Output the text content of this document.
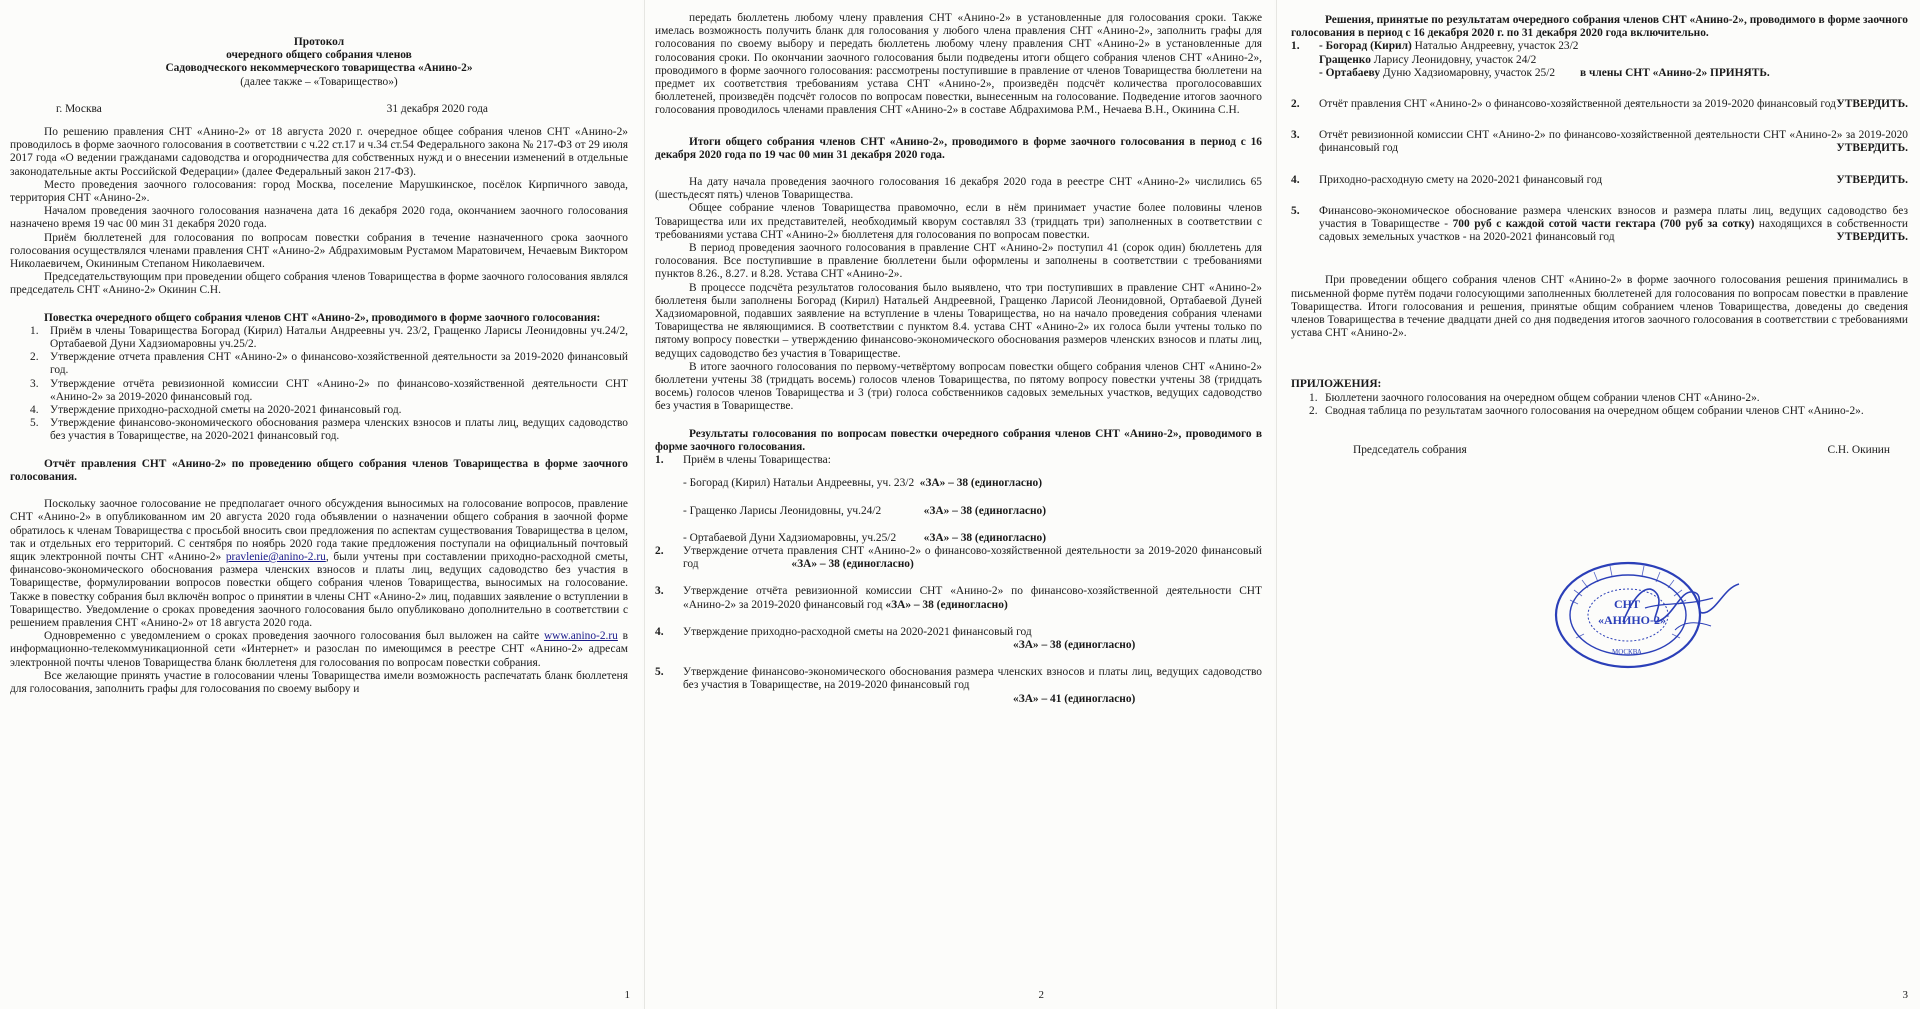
Протокол

очередного общего собрания членов

Садоводческого некоммерческого товарищества «Анино-2»

(далее также – «Товарищество»)

г. Москва	31 декабря 2020 года

По решению правления СНТ «Анино-2» от 18 августа 2020 г. очередное общее собрания членов СНТ «Анино-2» проводилось в форме заочного голосования в соответствии с ч.22 ст.17 и ч.34 ст.54 Федерального закона № 217-ФЗ от 29 июля 2017 года «О ведении гражданами садоводства и огородничества для собственных нужд и о внесении изменений в отдельные законодательные акты Российской Федерации» (далее Федеральный закон 217-ФЗ).

Место проведения заочного голосования: город Москва, поселение Марушкинское, посёлок Кирпичного завода, территория СНТ «Анино-2».

Началом проведения заочного голосования назначена дата 16 декабря 2020 года, окончанием заочного голосования назначено время 19 час 00 мин 31 декабря 2020 года.

Приём бюллетеней для голосования по вопросам повестки собрания в течение назначенного срока заочного голосования осуществлялся членами правления СНТ «Анино-2» Абдрахимовым Рустамом Маратовичем, Нечаевым Виктором Николаевичем, Окининым Степаном Николаевичем.

Председательствующим при проведении общего собрания членов Товарищества в форме заочного голосования являлся председатель СНТ «Анино-2» Окинин С.Н.

Повестка очередного общего собрания членов СНТ «Анино-2», проводимого в форме заочного голосования:

1.	Приём в члены Товарищества Богорад (Кирил) Натальи Андреевны уч. 23/2, Гращенко Ларисы Леонидовны уч.24/2, Ортабаевой Дуни Хадзиомаровны уч.25/2.
2.	Утверждение отчета правления СНТ «Анино-2» о финансово-хозяйственной деятельности за 2019-2020 финансовый год.
3.	Утверждение отчёта ревизионной комиссии СНТ «Анино-2» по финансово-хозяйственной деятельности СНТ «Анино-2» за 2019-2020 финансовый год.
4.	Утверждение приходно-расходной сметы на 2020-2021 финансовый год.
5.	Утверждение финансово-экономического обоснования размера членских взносов и платы лиц, ведущих садоводство без участия в Товариществе, на 2020-2021 финансовый год.

Отчёт правления СНТ «Анино-2» по проведению общего собрания членов Товарищества в форме заочного голосования.

Поскольку заочное голосование не предполагает очного обсуждения выносимых на голосование вопросов, правление СНТ «Анино-2» в опубликованном им 20 августа 2020 года объявлении о назначении общего собрания в заочной форме обратилось к членам Товарищества с просьбой вносить свои предложения по аспектам существования Товарищества в целом, так и отдельных его территорий. С сентября по ноябрь 2020 года такие предложения поступали на официальный почтовый ящик электронной почты СНТ «Анино-2» pravlenie@anino-2.ru, были учтены при составлении приходно-расходной сметы, финансово-экономического обоснования размера членских взносов и платы лиц, ведущих садоводство без участия в Товариществе, формулировании вопросов повестки общего собрания членов Товарищества, выносимых на голосование. Также в повестку собрания был включён вопрос о принятии в члены СНТ «Анино-2» лиц, подавших заявление о вступлении в Товарищество. Уведомление о сроках проведения заочного голосования было опубликовано дополнительно в соответствии с решением правления СНТ «Анино-2» от 18 августа 2020 года.

Одновременно с уведомлением о сроках проведения заочного голосования был выложен на сайте www.anino-2.ru в информационно-телекоммуникационной сети «Интернет» и разослан по имеющимся в реестре СНТ «Анино-2» адресам электронной почты членов Товарищества бланк бюллетеня для голосования по вопросам повестки собрания.

Все желающие принять участие в голосовании члены Товарищества имели возможность распечатать бланк бюллетеня для голосования, заполнить графы для голосования по своему выбору и

1

передать бюллетень любому члену правления СНТ «Анино-2» в установленные для голосования сроки. Также имелась возможность получить бланк для голосования у любого члена правления СНТ «Анино-2», заполнить графы для голосования по своему выбору и передать бюллетень любому члену правления СНТ «Анино-2» в установленные для голосования сроки. По окончании заочного голосования были подведены итоги общего собрания членов СНТ «Анино-2», проводимого в форме заочного голосования: рассмотрены поступившие в правление от членов Товарищества бюллетени на предмет их соответствия требованиям устава СНТ «Анино-2», произведён подсчёт количества проголосовавших бюллетеней, произведён подсчёт голосов по вопросам повестки, вынесенным на голосование. Подведение итогов заочного голосования проводилось членами правления СНТ «Анино-2» в составе Абдрахимова Р.М., Нечаева В.Н., Окинина С.Н.

Итоги общего собрания членов СНТ «Анино-2», проводимого в форме заочного голосования в период с 16 декабря 2020 года по 19 час 00 мин 31 декабря 2020 года.

На дату начала проведения заочного голосования 16 декабря 2020 года в реестре СНТ «Анино-2» числились 65 (шестьдесят пять) членов Товарищества.

Общее собрание членов Товарищества правомочно, если в нём принимает участие более половины членов Товарищества или их представителей, необходимый кворум составлял 33 (тридцать три) заполненных в соответствии с требованиями устава СНТ «Анино-2» бюллетеня для голосования по вопросам повестки.

В период проведения заочного голосования в правление СНТ «Анино-2» поступил 41 (сорок один) бюллетень для голосования. Все поступившие в правление бюллетени были оформлены и заполнены в соответствии с требованиями пунктов 8.26., 8.27. и 8.28. Устава СНТ «Анино-2».

В процессе подсчёта результатов голосования было выявлено, что три поступивших в правление СНТ «Анино-2» бюллетеня были заполнены Богорад (Кирил) Натальей Андреевной, Гращенко Ларисой Леонидовной, Ортабаевой Дуней Хадзиомаровной, подавших заявление на вступление в члены Товарищества, но на начало проведения собрания членами Товарищества не являющимися. В соответствии с пунктом 8.4. устава СНТ «Анино-2» их голоса были учтены только по пятому вопросу повестки – утверждению финансово-экономического обоснования размеров членских взносов и платы лиц, ведущих садоводство без участия в Товариществе.

В итоге заочного голосования по первому-четвёртому вопросам повестки общего собрания членов СНТ «Анино-2» бюллетени учтены 38 (тридцать восемь) голосов членов Товарищества, по пятому вопросу повестки учтены 38 (тридцать восемь) голосов членов Товарищества и 3 (три) голоса собственников садовых земельных участков, ведущих садоводство без участия в Товариществе.

Результаты голосования по вопросам повестки очередного собрания членов СНТ «Анино-2», проводимого в форме заочного голосования.

1.	Приём в члены Товарищества:
- Богорад (Кирил) Натальи Андреевны, уч. 23/2 «ЗА» – 38 (единогласно)
- Гращенко Ларисы Леонидовны, уч.24/2	«ЗА» – 38 (единогласно)
- Ортабаевой Дуни Хадзиомаровны, уч.25/2 «ЗА» – 38 (единогласно)
2.	Утверждение отчета правления СНТ «Анино-2» о финансово-хозяйственной деятельности за 2019-2020 финансовый год	«ЗА» – 38 (единогласно)
3.	Утверждение отчёта ревизионной комиссии СНТ «Анино-2» по финансово-хозяйственной деятельности СНТ «Анино-2» за 2019-2020 финансовый год «ЗА» – 38 (единогласно)
4.	Утверждение приходно-расходной сметы на 2020-2021 финансовый год
«ЗА» – 38 (единогласно)
5.	Утверждение финансово-экономического обоснования размера членских взносов и платы лиц, ведущих садоводство без участия в Товариществе, на 2019-2020 финансовый год
«ЗА» – 41 (единогласно)
2

Решения, принятые по результатам очередного собрания членов СНТ «Анино-2», проводимого в форме заочного голосования в период с 16 декабря 2020 г. по 31 декабря 2020 года включительно.

1.	- Богорад (Кирил) Наталью Андреевну, участок 23/2
Гращенко Ларису Леонидовну, участок 24/2
- Ортабаеву Дуню Хадзиомаровну, участок 25/2 в члены СНТ «Анино-2» ПРИНЯТЬ.
2.	Отчёт правления СНТ «Анино-2» о финансово-хозяйственной деятельности за 2019-2020 финансовый год УТВЕРДИТЬ.
3.	Отчёт ревизионной комиссии СНТ «Анино-2» по финансово-хозяйственной деятельности СНТ «Анино-2» за 2019-2020 финансовый год	УТВЕРДИТЬ.
4.	Приходно-расходную смету на 2020-2021 финансовый год	УТВЕРДИТЬ.
5.	Финансово-экономическое обоснование размера членских взносов и размера платы лиц, ведущих садоводство без участия в Товариществе - 700 руб с каждой сотой части гектара (700 руб за сотку) находящихся в собственности садовых земельных участков - на 2020-2021 финансовый год	УТВЕРДИТЬ.

При проведении общего собрания членов СНТ «Анино-2» в форме заочного голосования решения принимались в письменной форме путём подачи голосующими заполненных бюллетеней для голосования по вопросам повестки в правление Товарищества. Итоги голосования и решения, принятые общим собранием членов Товарищества, доведены до сведения членов Товарищества в течение двадцати дней со дня подведения итогов заочного голосования в соответствии с требованиями устава СНТ «Анино-2».

ПРИЛОЖЕНИЯ:

1. Бюллетени заочного голосования на очередном общем собрании членов СНТ «Анино-2».
2. Сводная таблица по результатам заочного голосования на очередном общем собрании членов СНТ «Анино-2».
Председатель собрания	С.Н. Окинин
СНТ
«АНИНО-2»
МОСКВА
3
